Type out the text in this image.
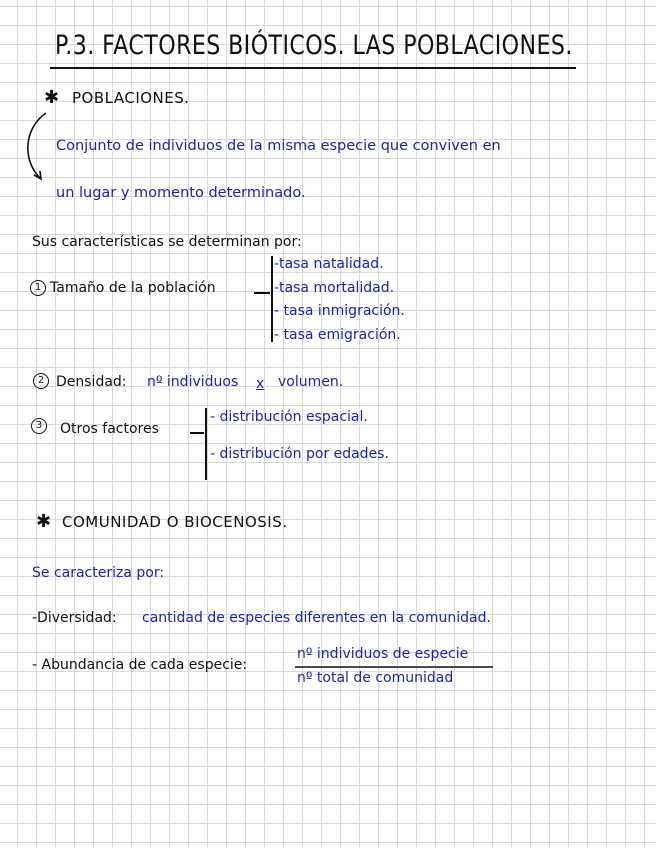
P.3. FACTORES BIÓTICOS. LAS POBLACIONES.
✱ POBLACIONES.
Conjunto de individuos de la misma especie que conviven en
un lugar y momento determinado.
Sus características se determinan por:
1 Tamaño de la población
-tasa natalidad.
-tasa mortalidad.
- tasa inmigración.
- tasa emigración.
2 Densidad: nº individuos x volumen.
3	Otros factores
- distribución espacial.
- distribución por edades.
✱ COMUNIDAD O BIOCENOSIS.
Se caracteriza por:
-Diversidad: cantidad de especies diferentes en la comunidad.
- Abundancia de cada especie:
nº individuos de especie
nº total de comunidad
